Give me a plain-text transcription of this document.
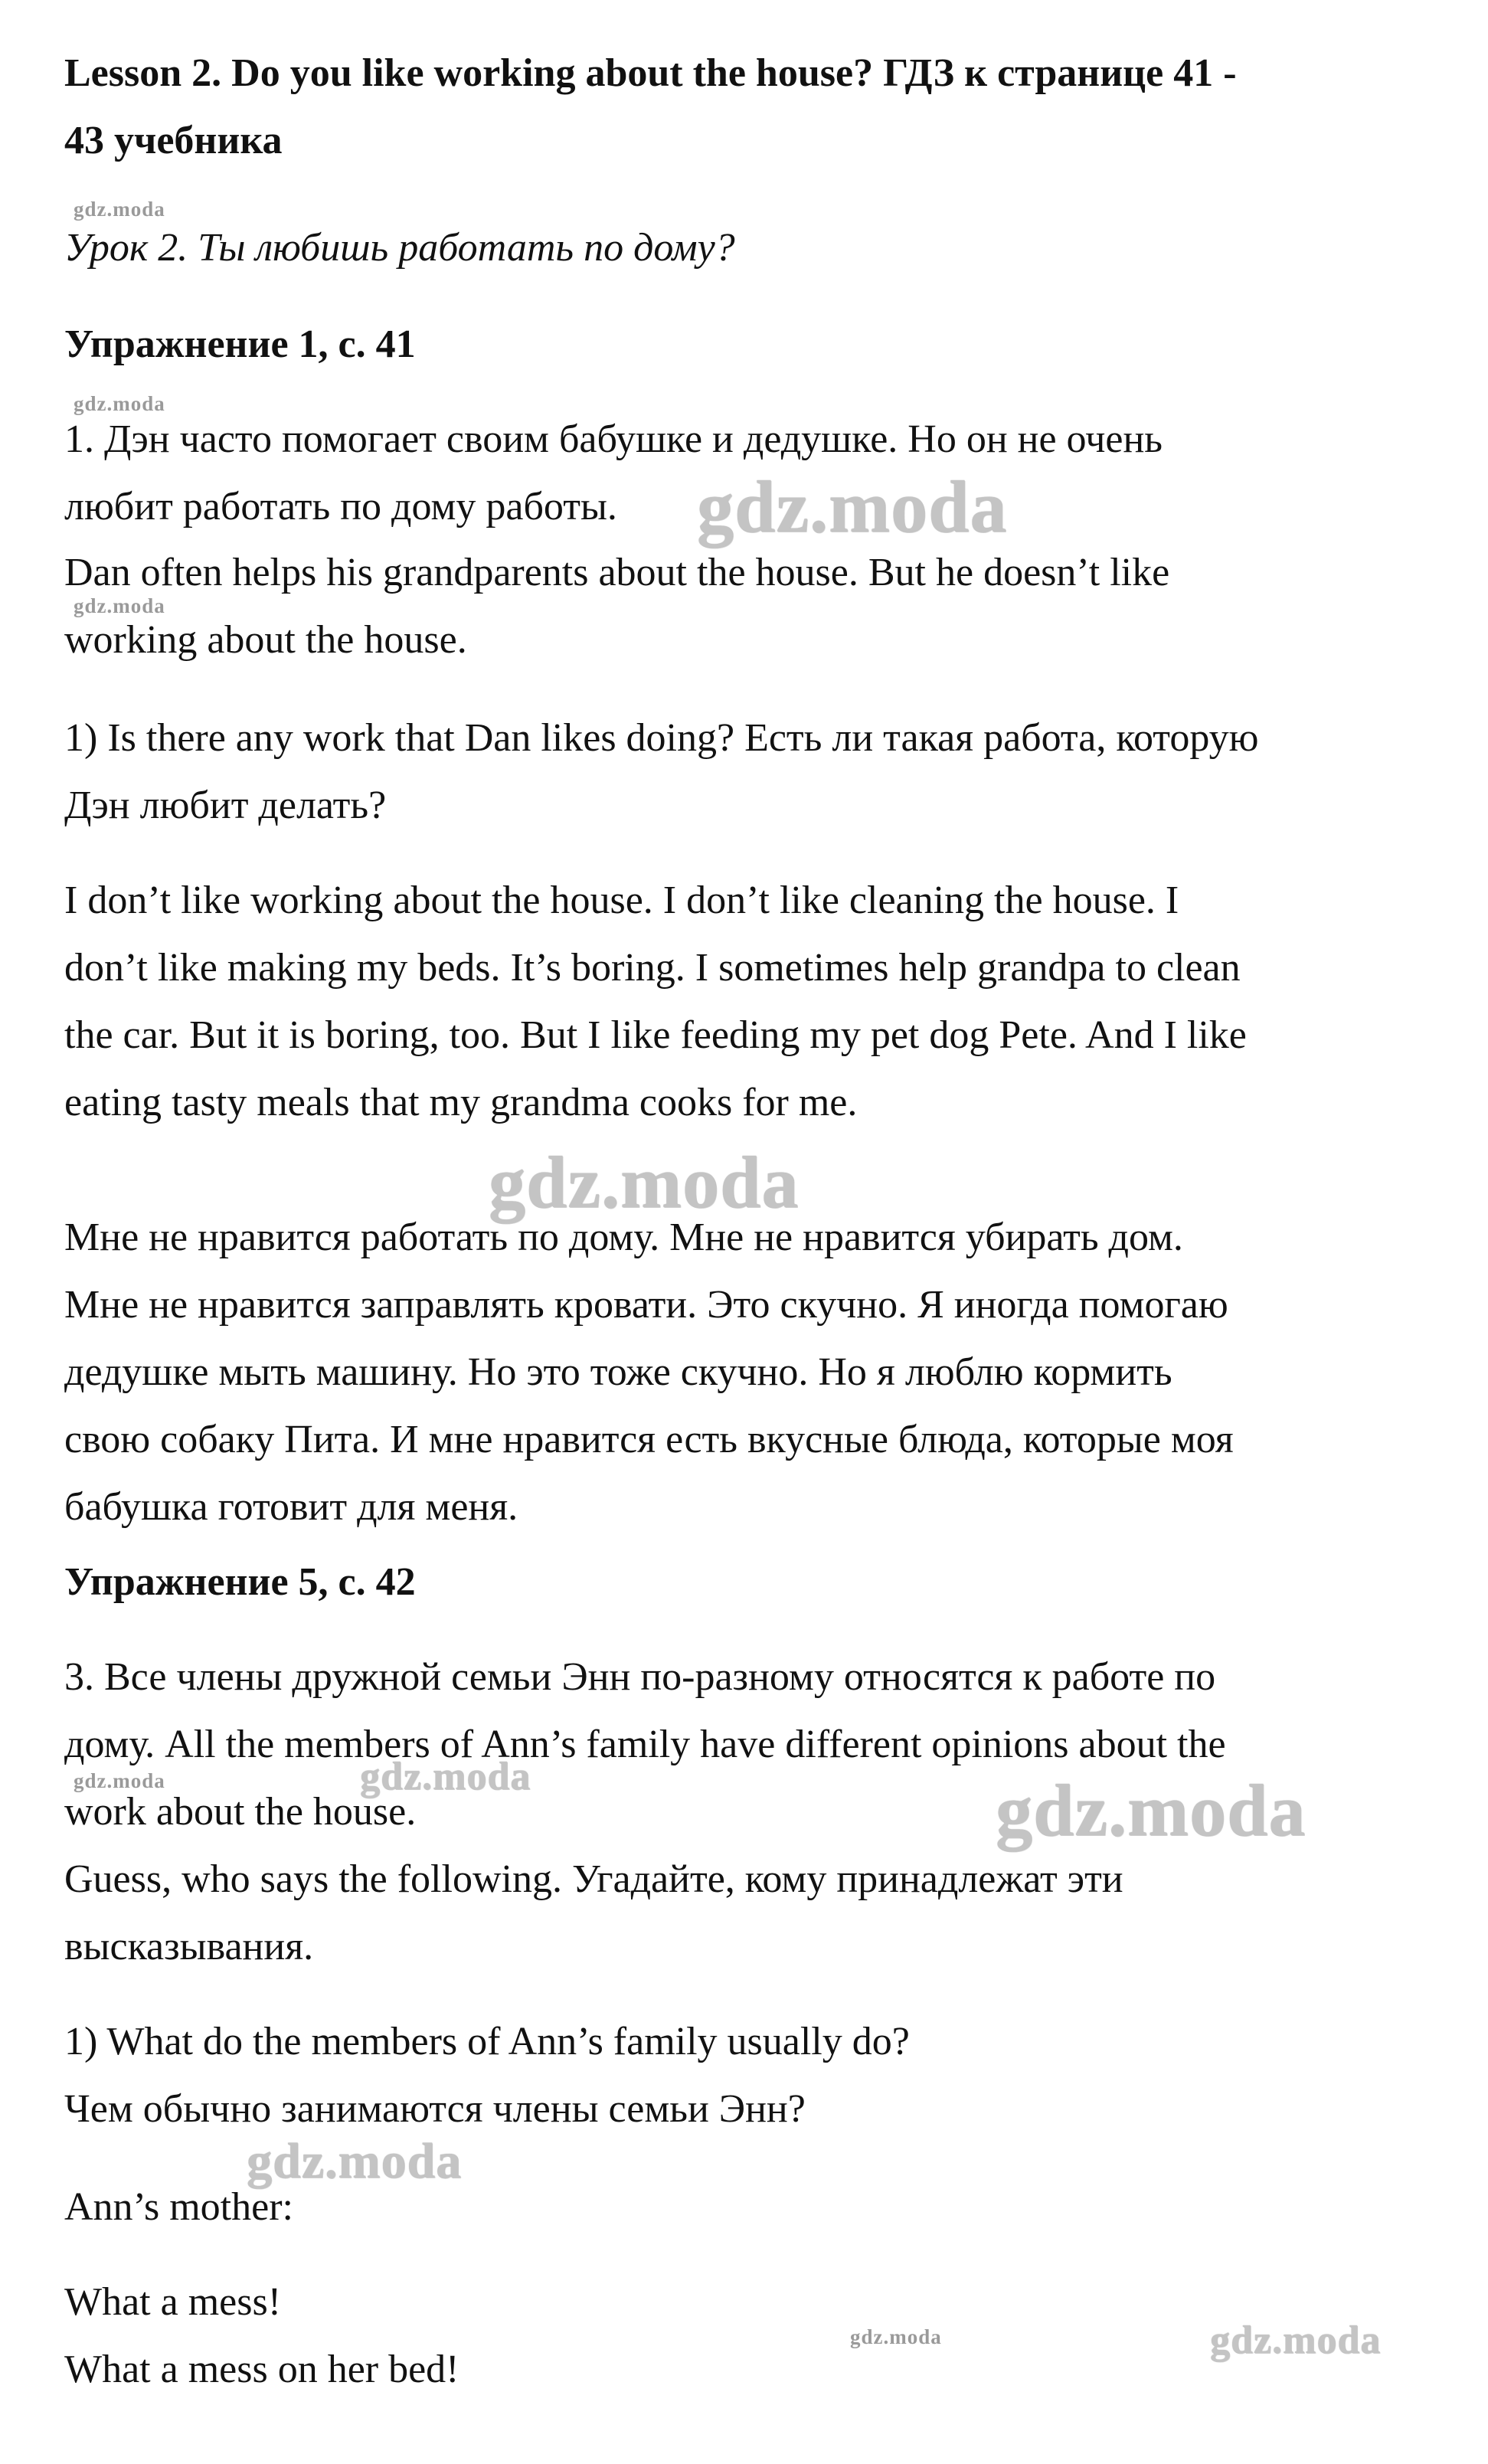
Lesson 2. Do you like working about the house? ГДЗ к странице 41 -

43 учебника

gdz.moda

Урок 2. Ты любишь работать по дому?

Упражнение 1, с. 41

gdz.moda

1. Дэн часто помогает своим бабушке и дедушке. Но он не очень

любит работать по дому работы. gdz.moda

Dan often helps his grandparents about the house. But he doesn’t like

gdz.moda

working about the house.

1) Is there any work that Dan likes doing? Есть ли такая работа, которую

Дэн любит делать?

I don’t like working about the house. I don’t like cleaning the house. I

don’t like making my beds. It’s boring. I sometimes help grandpa to clean

the car. But it is boring, too. But I like feeding my pet dog Pete. And I like

eating tasty meals that my grandma cooks for me.

gdz.moda

Мне не нравится работать по дому. Мне не нравится убирать дом.

Мне не нравится заправлять кровати. Это скучно. Я иногда помогаю

дедушке мыть машину. Но это тоже скучно. Но я люблю кормить

свою собаку Пита. И мне нравится есть вкусные блюда, которые моя

бабушка готовит для меня.

Упражнение 5, с. 42

3. Все члены дружной семьи Энн по-разному относятся к работе по

дому. All the members of Ann’s family have different opinions about the

gdz.moda	gdz.moda

work about the house.	gdz.moda

Guess, who says the following. Угадайте, кому принадлежат эти

высказывания.

1) What do the members of Ann’s family usually do?

Чем обычно занимаются члены семьи Энн?

gdz.moda

Ann’s mother:

What a mess!

gdz.moda	gdz.moda

What a mess on her bed!
